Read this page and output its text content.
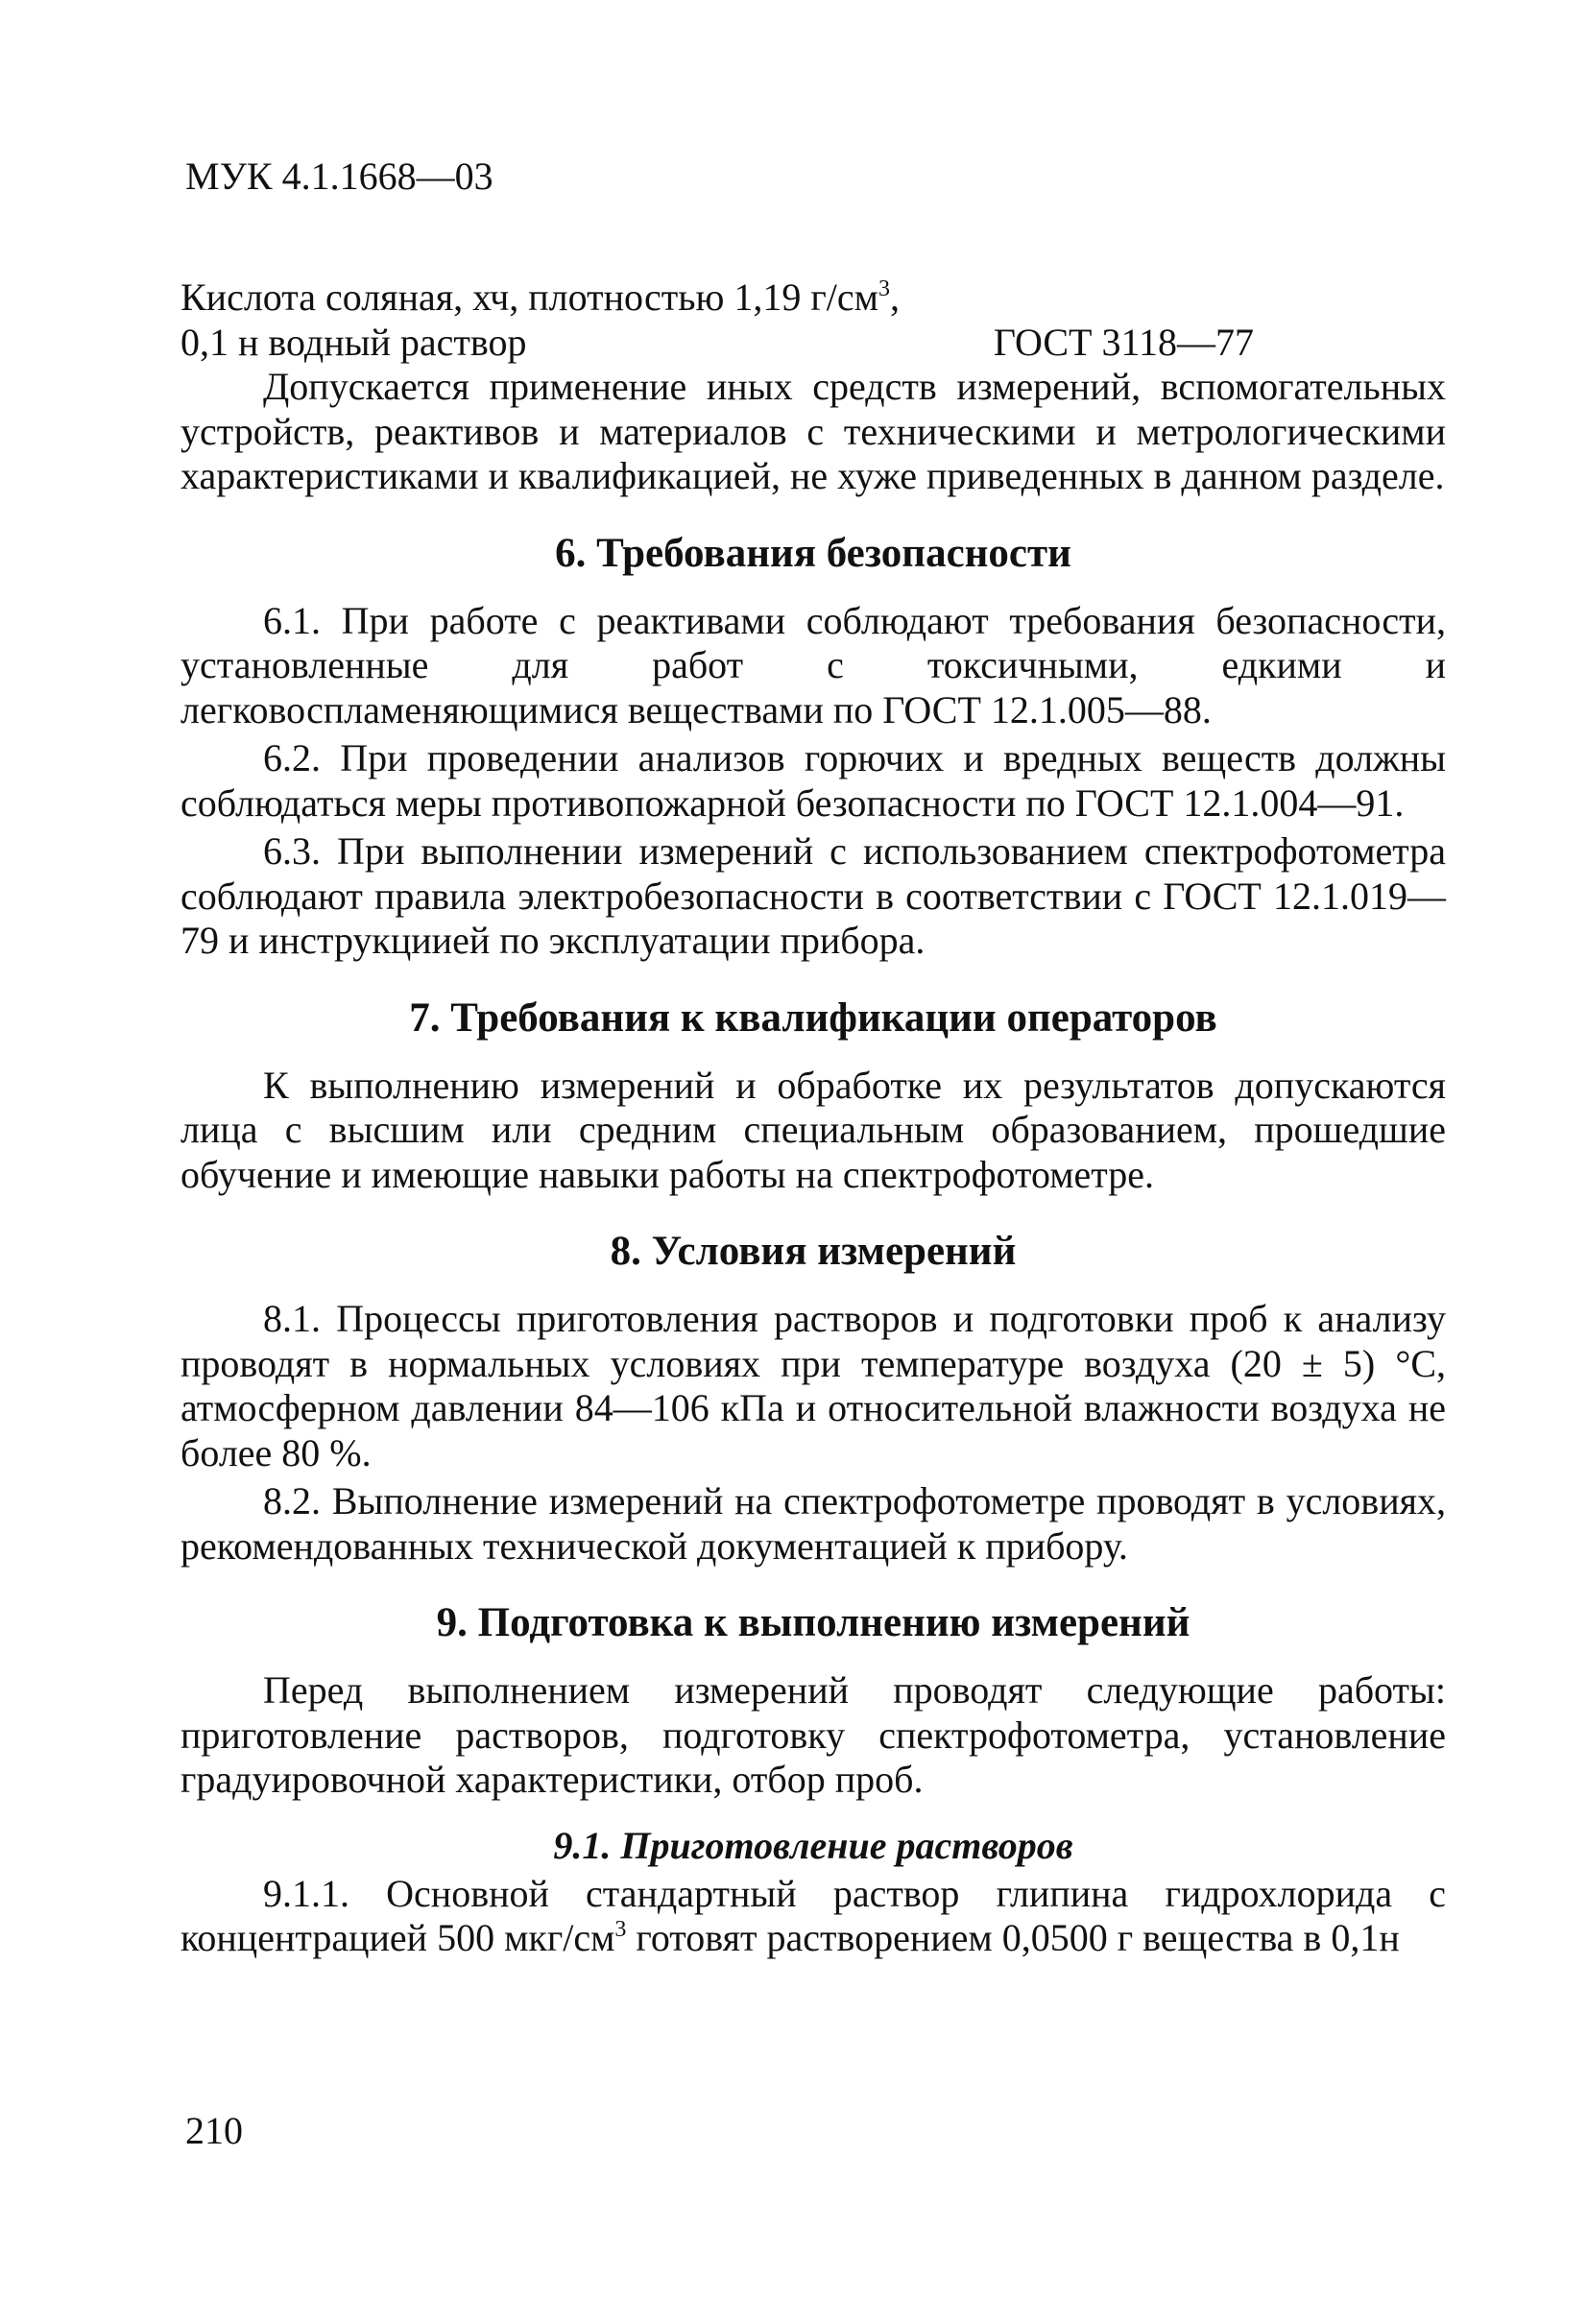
МУК 4.1.1668—03
Кислота соляная, хч, плотностью 1,19 $г/см^3$,
0,1 н водный раствор	ГОСТ 3118—77

Допускается применение иных средств измерений, вспомогательных устройств, реактивов и материалов с техническими и метрологическими характеристиками и квалификацией, не хуже приведенных в данном разделе.

6. Требования безопасности

6.1. При работе с реактивами соблюдают требования безопасности, установленные для работ с токсичными, едкими и легковоспламеняющимися веществами по ГОСТ 12.1.005—88.

6.2. При проведении анализов горючих и вредных веществ должны соблюдаться меры противопожарной безопасности по ГОСТ 12.1.004—91.

6.3. При выполнении измерений с использованием спектрофотометра соблюдают правила электробезопасности в соответствии с ГОСТ 12.1.019—79 и инструкциией по эксплуатации прибора.

7. Требования к квалификации операторов

К выполнению измерений и обработке их результатов допускаются лица с высшим или средним специальным образованием, прошедшие обучение и имеющие навыки работы на спектрофотометре.

8. Условия измерений

8.1. Процессы приготовления растворов и подготовки проб к анализу проводят в нормальных условиях при температуре воздуха (20 ± 5) °С, атмосферном давлении 84—106 кПа и относительной влажности воздуха не более 80 %.

8.2. Выполнение измерений на спектрофотометре проводят в условиях, рекомендованных технической документацией к прибору.

9. Подготовка к выполнению измерений

Перед выполнением измерений проводят следующие работы: приготовление растворов, подготовку спектрофотометра, установление градуировочной характеристики, отбор проб.

9.1. Приготовление растворов

9.1.1. Основной стандартный раствор глипина гидрохлорида с концентрацией 500 мкг/$см^3$ готовят растворением 0,0500 г вещества в 0,1н

210
